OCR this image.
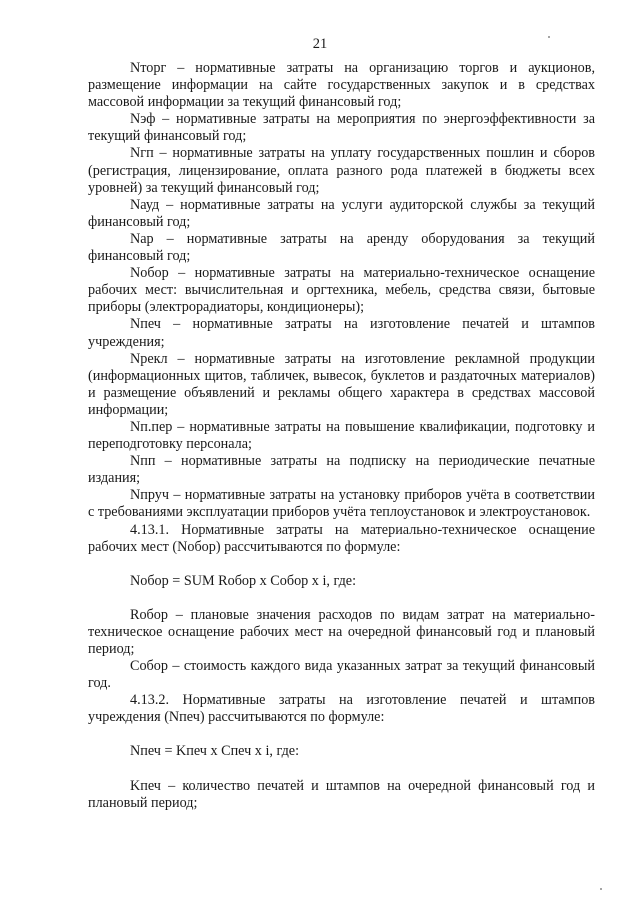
21

Nторг – нормативные затраты на организацию торгов и аукционов, размещение информации на сайте государственных закупок и в средствах массовой информации за текущий финансовый год;

Nэф – нормативные затраты на мероприятия по энергоэффективности за текущий финансовый год;

Nгп – нормативные затраты на уплату государственных пошлин и сборов (регистрация, лицензирование, оплата разного рода платежей в бюджеты всех уровней) за текущий финансовый год;

Nауд – нормативные затраты на услуги аудиторской службы за текущий финансовый год;

Nар – нормативные затраты на аренду оборудования за текущий финансовый год;

Nобор – нормативные затраты на материально-техническое оснащение рабочих мест: вычислительная и оргтехника, мебель, средства связи, бытовые приборы (электрорадиаторы, кондиционеры);

Nпеч – нормативные затраты на изготовление печатей и штампов учреждения;

Nрекл – нормативные затраты на изготовление рекламной продукции (информационных щитов, табличек, вывесок, буклетов и раздаточных материалов) и размещение объявлений и рекламы общего характера в средствах массовой информации;

Nп.пер – нормативные затраты на повышение квалификации, подготовку и переподготовку персонала;

Nпп – нормативные затраты на подписку на периодические печатные издания;

Nпруч – нормативные затраты на установку приборов учёта в соответствии с требованиями эксплуатации приборов учёта теплоустановок и электроустановок.

4.13.1. Нормативные затраты на материально-техническое оснащение рабочих мест (Nобор) рассчитываются по формуле:

Nобор = SUM Rобор x Cобор x i, где:

Rобор – плановые значения расходов по видам затрат на материально-техническое оснащение рабочих мест на очередной финансовый год и плановый период;

Cобор – стоимость каждого вида указанных затрат за текущий финансовый год.

4.13.2. Нормативные затраты на изготовление печатей и штампов учреждения (Nпеч) рассчитываются по формуле:

Nпеч = Kпеч x Cпеч x i, где:

Kпеч – количество печатей и штампов на очередной финансовый год и плановый период;
